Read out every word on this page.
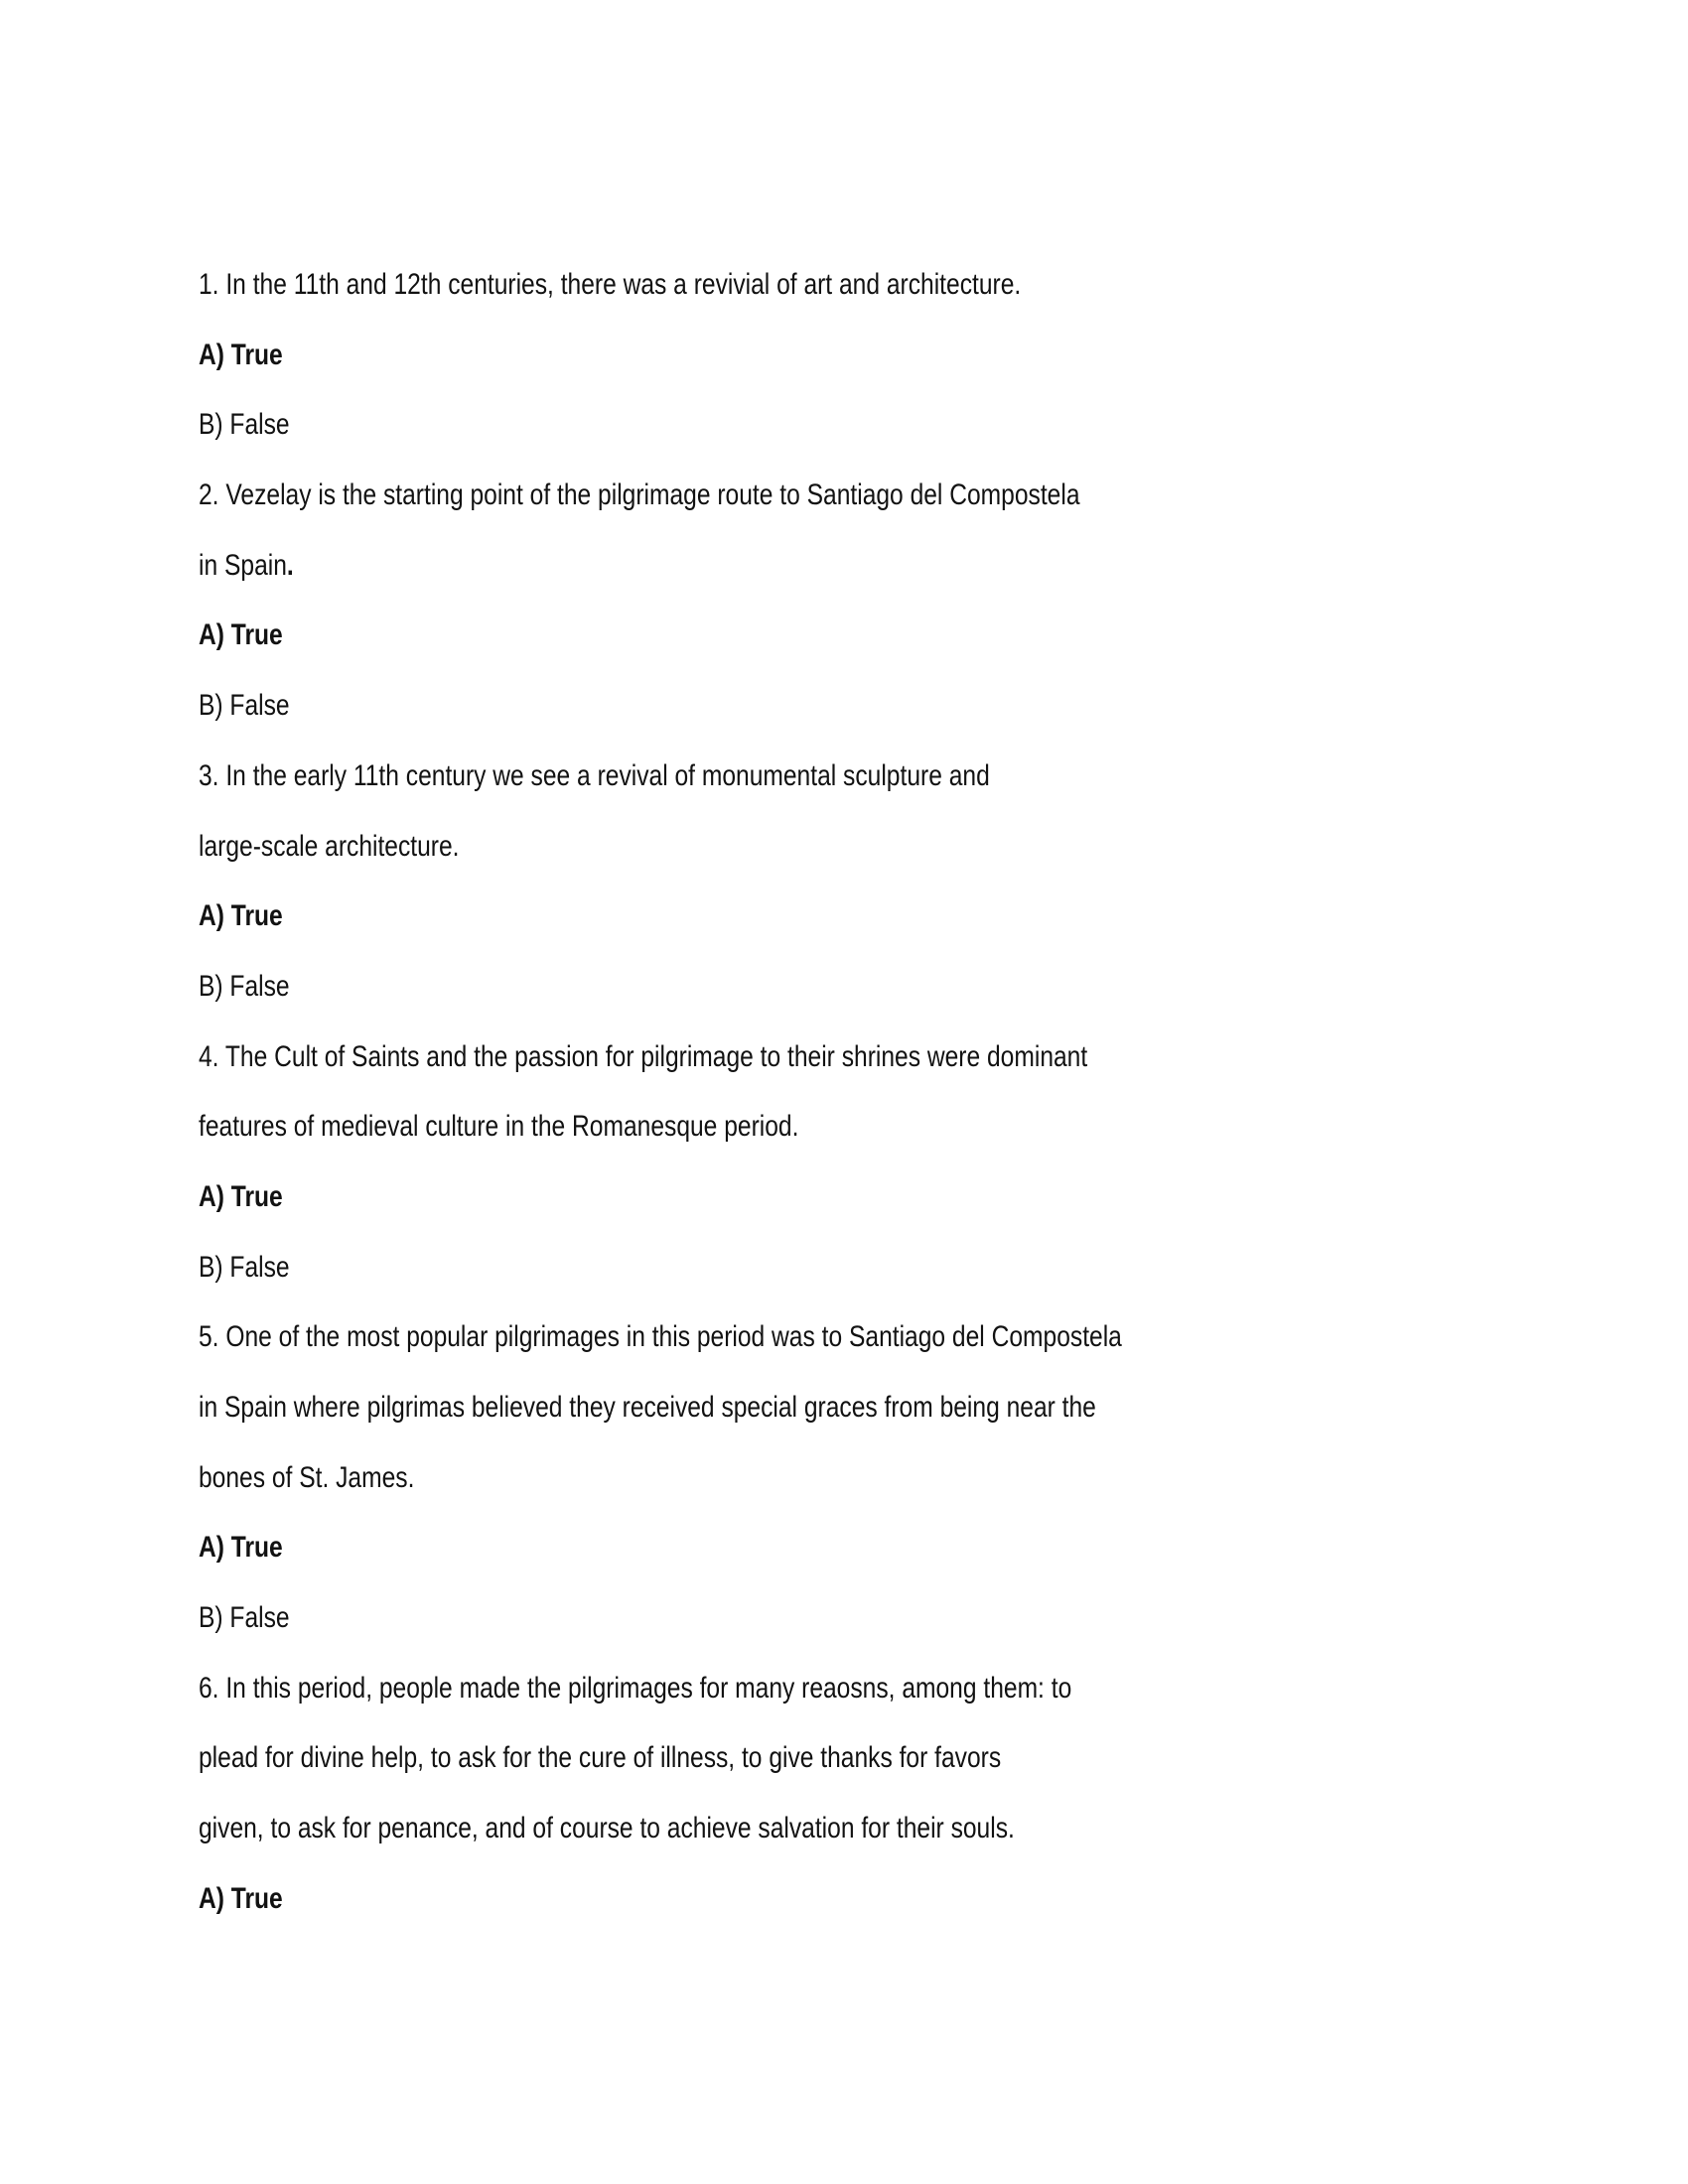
1. In the 11th and 12th centuries, there was a revivial of art and architecture.
A) True
B) False
2. Vezelay is the starting point of the pilgrimage route to Santiago del Compostela
in Spain.
A) True
B) False
3. In the early 11th century we see a revival of monumental sculpture and
large-scale architecture.
A) True
B) False
4. The Cult of Saints and the passion for pilgrimage to their shrines were dominant
features of medieval culture in the Romanesque period.
A) True
B) False
5. One of the most popular pilgrimages in this period was to Santiago del Compostela
in Spain where pilgrimas believed they received special graces from being near the
bones of St. James.
A) True
B) False
6. In this period, people made the pilgrimages for many reaosns, among them: to
plead for divine help, to ask for the cure of illness, to give thanks for favors
given, to ask for penance, and of course to achieve salvation for their souls.
A) True
